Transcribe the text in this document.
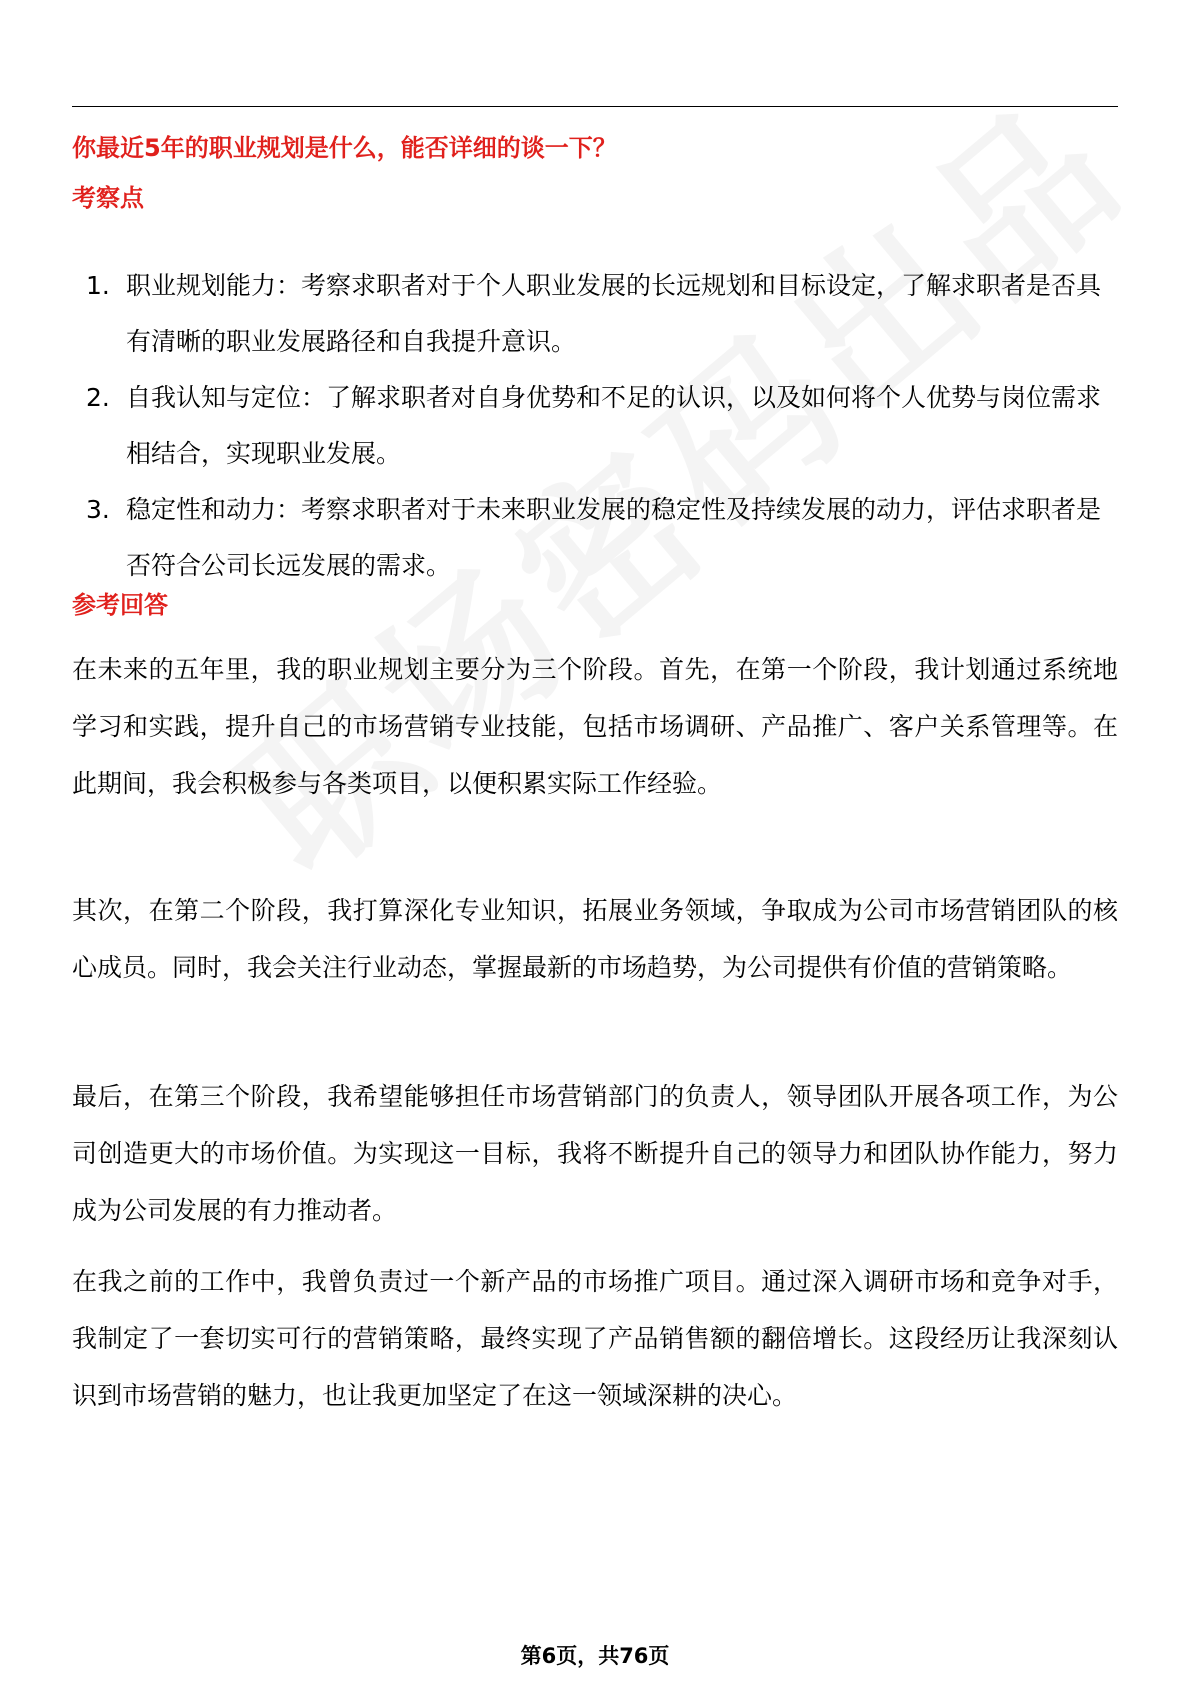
你最近5年的职业规划是什么，能否详细的谈一下？
考察点
1. 职业规划能力：考察求职者对于个人职业发展的长远规划和目标设定，了解求职者是否具有清晰的职业发展路径和自我提升意识。
2. 自我认知与定位：了解求职者对自身优势和不足的认识，以及如何将个人优势与岗位需求相结合，实现职业发展。
3. 稳定性和动力：考察求职者对于未来职业发展的稳定性及持续发展的动力，评估求职者是否符合公司长远发展的需求。
参考回答

在未来的五年里，我的职业规划主要分为三个阶段。首先，在第一个阶段，我计划通过系统地学习和实践，提升自己的市场营销专业技能，包括市场调研、产品推广、客户关系管理等。在此期间，我会积极参与各类项目，以便积累实际工作经验。

其次，在第二个阶段，我打算深化专业知识，拓展业务领域，争取成为公司市场营销团队的核心成员。同时，我会关注行业动态，掌握最新的市场趋势，为公司提供有价值的营销策略。

最后，在第三个阶段，我希望能够担任市场营销部门的负责人，领导团队开展各项工作，为公司创造更大的市场价值。为实现这一目标，我将不断提升自己的领导力和团队协作能力，努力成为公司发展的有力推动者。

在我之前的工作中，我曾负责过一个新产品的市场推广项目。通过深入调研市场和竞争对手，我制定了一套切实可行的营销策略，最终实现了产品销售额的翻倍增长。这段经历让我深刻认识到市场营销的魅力，也让我更加坚定了在这一领域深耕的决心。

第6页，共76页
